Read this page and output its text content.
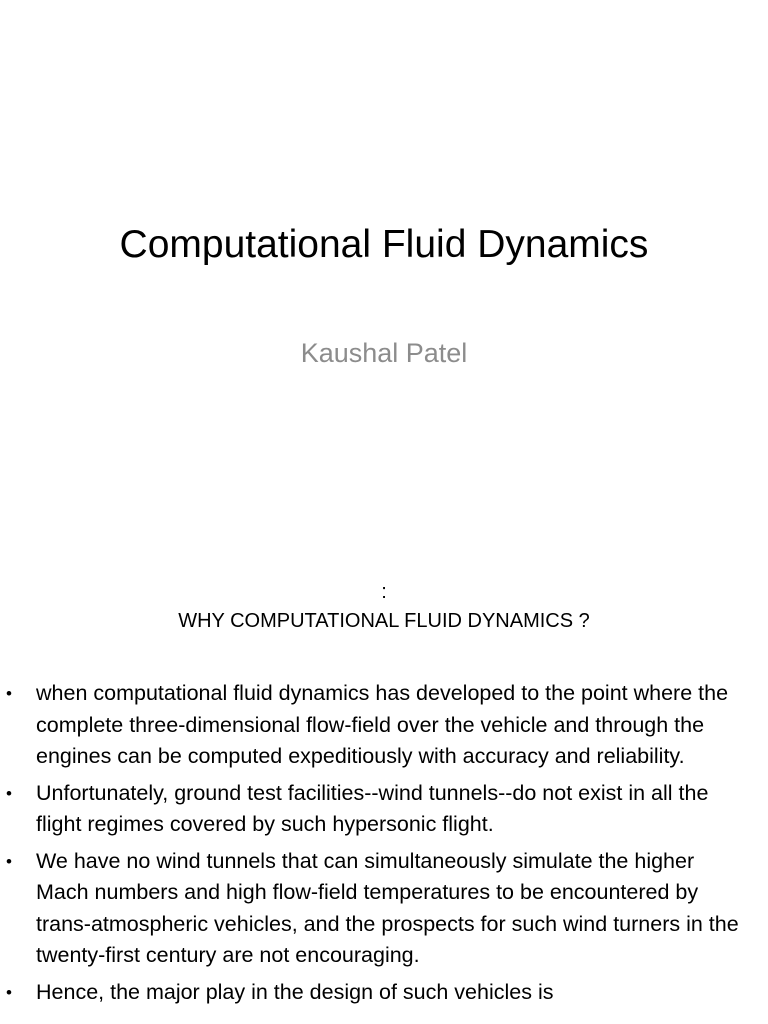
Computational Fluid Dynamics
Kaushal Patel
:
WHY COMPUTATIONAL FLUID DYNAMICS ?
• when computational fluid dynamics has developed to the point where the complete three-dimensional flow-field over the vehicle and through the engines can be computed expeditiously with accuracy and reliability.
• Unfortunately, ground test facilities--wind tunnels--do not exist in all the flight regimes covered by such hypersonic flight.
• We have no wind tunnels that can simultaneously simulate the higher Mach numbers and high flow-field temperatures to be encountered by trans-atmospheric vehicles, and the prospects for such wind turners in the twenty-first century are not encouraging.
• Hence, the major play in the design of such vehicles is
